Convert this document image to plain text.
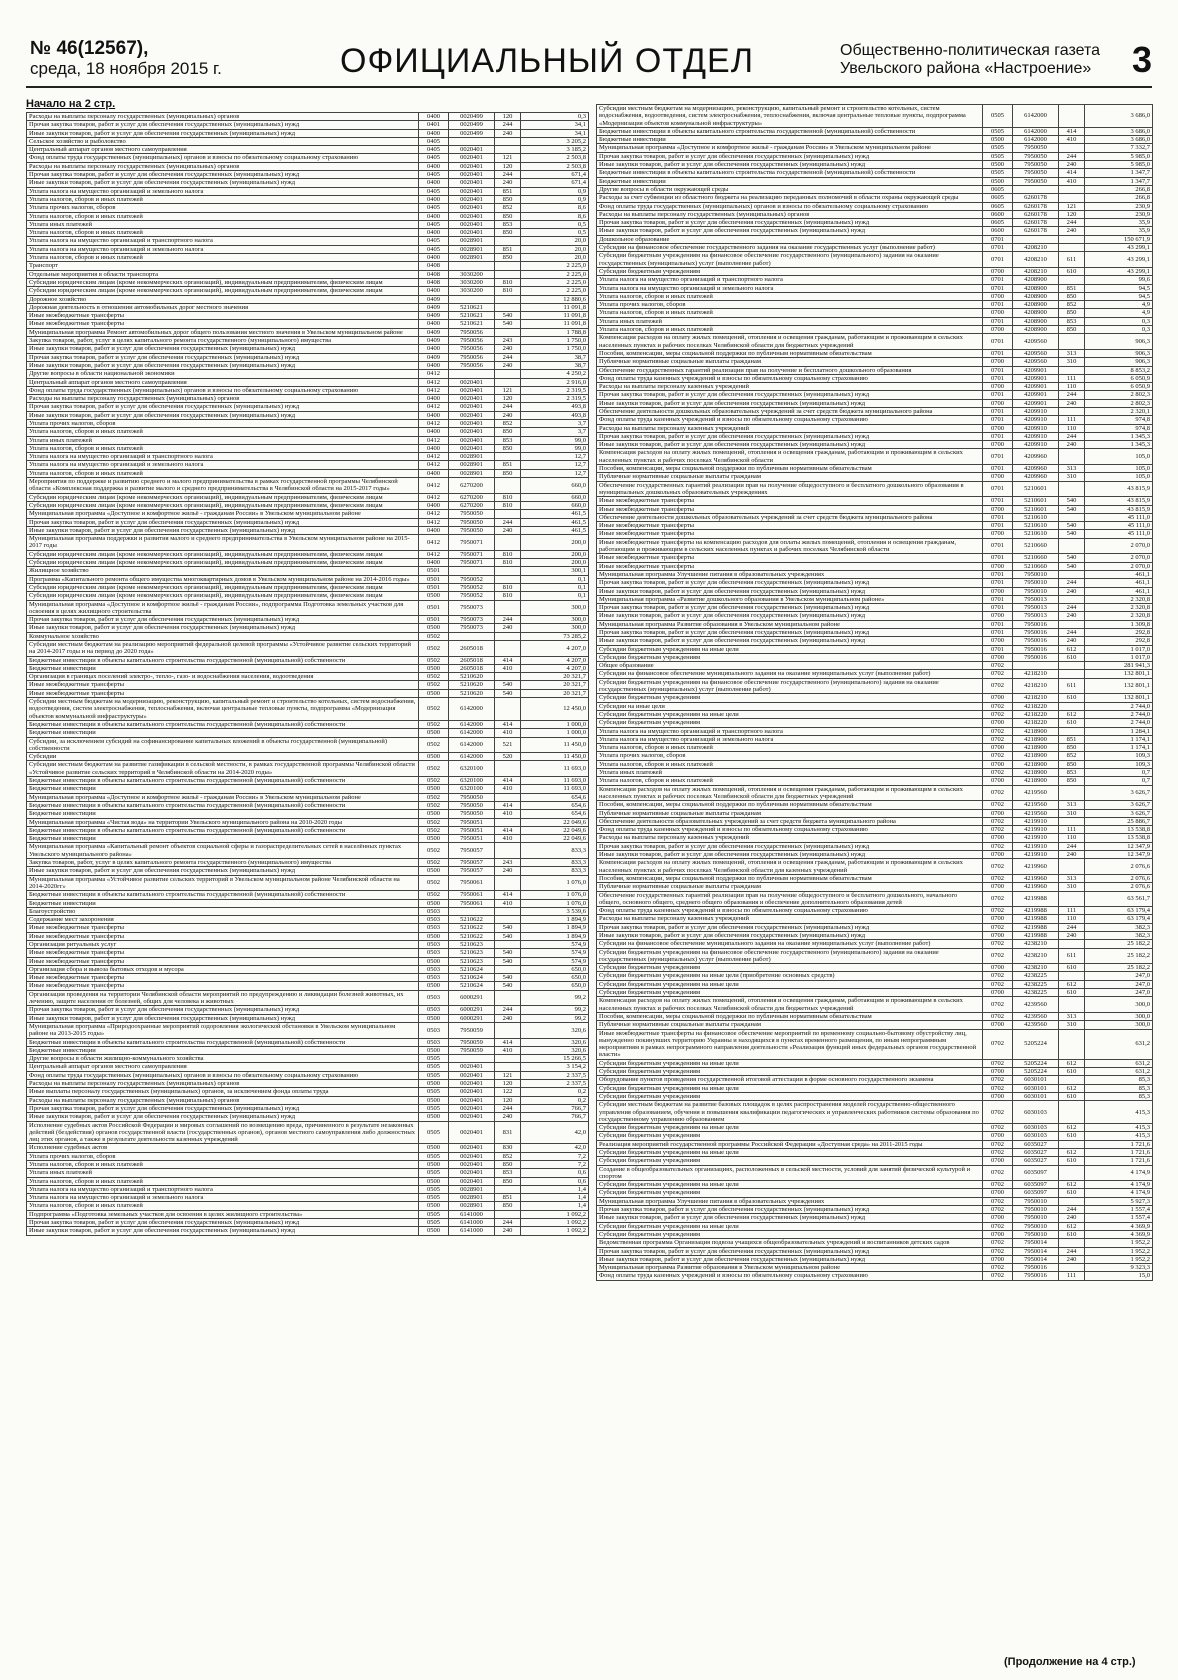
№ 46(12567),
среда, 18 ноября 2015 г.	ОФИЦИАЛЬНЫЙ ОТДЕЛ	Общественно-политическая газета
Увельского района «Настроение» 3
Начало на 2 стр.
Расходы на выплаты персоналу государственных (муниципальных) органов	0400	0020499	120	0,3
Прочая закупка товаров, работ и услуг для обеспечения государственных (муниципальных) нужд	0401	0020499	244	34,1
Иные закупки товаров, работ и услуг для обеспечения государственных (муниципальных) нужд	0400	0020499	240	34,1
Сельское хозяйство и рыболовство	0405			3 205,2
Центральный аппарат органов местного самоуправления	0405	0020401		3 185,2
Фонд оплаты труда государственных (муниципальных) органов и взносы по обязательному социальному страхованию	0405	0020401	121	2 503,8
Расходы на выплаты персоналу государственных (муниципальных) органов	0400	0020401	120	2 503,8
Прочая закупка товаров, работ и услуг для обеспечения государственных (муниципальных) нужд	0405	0020401	244	671,4
Иные закупки товаров, работ и услуг для обеспечения государственных (муниципальных) нужд	0400	0020401	240	671,4
Уплата налога на имущество организаций и земельного налога	0405	0020401	851	0,9
Уплата налогов, сборов и иных платежей	0400	0020401	850	0,9
Уплата прочих налогов, сборов	0405	0020401	852	8,6
Уплата налогов, сборов и иных платежей	0400	0020401	850	8,6
Уплата иных платежей	0405	0020401	853	0,5
Уплата налогов, сборов и иных платежей	0400	0020401	850	0,5
Уплата налога на имущество организаций и транспортного налога	0405	0028901		20,0
Уплата налога на имущество организаций и земельного налога	0405	0028901	851	20,0
Уплата налогов, сборов и иных платежей	0400	0028901	850	20,0
Транспорт	0408			2 225,0
Отдельные мероприятия в области транспорта	0408	3030200		2 225,0
Субсидии юридическим лицам (кроме некоммерческих организаций), индивидуальным предпринимателям, физическим лицам	0408	3030200	810	2 225,0
Субсидии юридическим лицам (кроме некоммерческих организаций), индивидуальным предпринимателям, физическим лицам	0400	3030200	810	2 225,0
Дорожное хозяйство	0409			12 880,6
Дорожная деятельность в отношении автомобильных дорог местного значения	0409	5210621		11 091,8
Иные межбюджетные трансферты	0409	5210621	540	11 091,8
Иные межбюджетные трансферты	0400	5210621	540	11 091,8
Муниципальная программа Ремонт автомобильных дорог общего пользования местного значения в Увельском муниципальном районе	0409	7950056		1 788,8
Закупка товаров, работ, услуг в целях капитального ремонта государственного (муниципального) имущества	0409	7950056	243	1 750,0
Иные закупки товаров, работ и услуг для обеспечения государственных (муниципальных) нужд	0400	7950056	240	1 750,0
Прочая закупка товаров, работ и услуг для обеспечения государственных (муниципальных) нужд	0409	7950056	244	38,7
Иные закупки товаров, работ и услуг для обеспечения государственных (муниципальных) нужд	0400	7950056	240	38,7
Другие вопросы в области национальной экономики	0412			4 250,2
Центральный аппарат органов местного самоуправления	0412	0020401		2 916,0
Фонд оплаты труда государственных (муниципальных) органов и взносы по обязательному социальному страхованию	0412	0020401	121	2 319,5
Расходы на выплаты персоналу государственных (муниципальных) органов	0400	0020401	120	2 319,5
Прочая закупка товаров, работ и услуг для обеспечения государственных (муниципальных) нужд	0412	0020401	244	493,8
Иные закупки товаров, работ и услуг для обеспечения государственных (муниципальных) нужд	0400	0020401	240	493,8
Уплата прочих налогов, сборов	0412	0020401	852	3,7
Уплата налогов, сборов и иных платежей	0400	0020401	850	3,7
Уплата иных платежей	0412	0020401	853	99,0
Уплата налогов, сборов и иных платежей	0400	0020401	850	99,0
Уплата налога на имущество организаций и транспортного налога	0412	0028901		12,7
Уплата налога на имущество организаций и земельного налога	0412	0028901	851	12,7
Уплата налогов, сборов и иных платежей	0400	0028901	850	12,7
Мероприятия по поддержке и развитию среднего и малого предпринимательства в рамках государственной программы Челябинской области «Комплексная поддержка и развитие малого и среднего предпринимательства в Челябинской области на 2015-2017 годы»	0412	6270200		660,0
Субсидии юридическим лицам (кроме некоммерческих организаций), индивидуальным предпринимателям, физическим лицам	0412	6270200	810	660,0
Субсидии юридическим лицам (кроме некоммерческих организаций), индивидуальным предпринимателям, физическим лицам	0400	6270200	810	660,0
Муниципальная программа «Доступное и комфортное жильё - гражданам России» в Увельском муниципальном районе	0412	7950050		461,5
Прочая закупка товаров, работ и услуг для обеспечения государственных (муниципальных) нужд	0412	7950050	244	461,5
Иные закупки товаров, работ и услуг для обеспечения государственных (муниципальных) нужд	0400	7950050	240	461,5
Муниципальная программа поддержки и развития малого и среднего предпринимательства в Увельском муниципальном районе на 2015-2017 годы	0412	7950071		200,0
Субсидии юридическим лицам (кроме некоммерческих организаций), индивидуальным предпринимателям, физическим лицам	0412	7950071	810	200,0
Субсидии юридическим лицам (кроме некоммерческих организаций), индивидуальным предпринимателям, физическим лицам	0400	7950071	810	200,0
Жилищное хозяйство	0501			300,1
Программа «Капитального ремонта общего имущества многоквартирных домов в Увельском муниципальном районе на 2014-2016 годы»	0501	7950052		0,1
Субсидии юридическим лицам (кроме некоммерческих организаций), индивидуальным предпринимателям, физическим лицам	0501	7950052	810	0,1
Субсидии юридическим лицам (кроме некоммерческих организаций), индивидуальным предпринимателям, физическим лицам	0500	7950052	810	0,1
Муниципальная программа «Доступное и комфортное жильё - гражданам России», подпрограмма Подготовка земельных участков для освоения в целях жилищного строительства	0501	7950073		300,0
Прочая закупка товаров, работ и услуг для обеспечения государственных (муниципальных) нужд	0501	7950073	244	300,0
Иные закупки товаров, работ и услуг для обеспечения государственных (муниципальных) нужд	0500	7950073	240	300,0
Коммунальное хозяйство	0502			73 285,2
Субсидии местным бюджетам на реализацию мероприятий федеральной целевой программы «Устойчивое развитие сельских территорий на 2014-2017 годы и на период до 2020 года»	0502	2605018		4 207,0
Бюджетные инвестиции в объекты капитального строительства государственной (муниципальной) собственности	0502	2605018	414	4 207,0
Бюджетные инвестиции	0500	2605018	410	4 207,0
Организация в границах поселений электро-, тепло-, газо- и водоснабжения населения, водоотведения	0502	5210620		20 321,7
Иные межбюджетные трансферты	0502	5210620	540	20 321,7
Иные межбюджетные трансферты	0500	5210620	540	20 321,7
Субсидии местным бюджетам на модернизацию, реконструкцию, капитальный ремонт и строительство котельных, систем водоснабжения, водоотведения, систем электроснабжения, теплоснабжения, включая центральные тепловые пункты, подпрограмма «Модернизация объектов коммунальной инфраструктуры»	0502	6142000		12 450,0
Бюджетные инвестиции в объекты капитального строительства государственной (муниципальной) собственности	0502	6142000	414	1 000,0
Бюджетные инвестиции	0500	6142000	410	1 000,0
Субсидии, за исключением субсидий на софинансирование капитальных вложений в объекты государственной (муниципальной) собственности	0502	6142000	521	11 450,0
Субсидии	0500	6142000	520	11 450,0
Субсидии местным бюджетам на развитие газификации в сельской местности, в рамках государственной программы Челябинской области «Устойчивое развитие сельских территорий в Челябинской области на 2014-2020 годы»	0502	6320100		11 693,0
Бюджетные инвестиции в объекты капитального строительства государственной (муниципальной) собственности	0502	6320100	414	11 693,0
Бюджетные инвестиции	0500	6320100	410	11 693,0
Муниципальная программа «Доступное и комфортное жильё - гражданам России» в Увельском муниципальном районе	0502	7950050		654,6
Бюджетные инвестиции в объекты капитального строительства государственной (муниципальной) собственности	0502	7950050	414	654,6
Бюджетные инвестиции	0500	7950050	410	654,6
Муниципальная программа «Чистая вода» на территории Увельского муниципального района на 2010-2020 годы	0502	7950051		22 049,6
Бюджетные инвестиции в объекты капитального строительства государственной (муниципальной) собственности	0502	7950051	414	22 049,6
Бюджетные инвестиции	0500	7950051	410	22 049,6
Муниципальная программа «Капитальный ремонт объектов социальной сферы и газораспределительных сетей в населённых пунктах Увельского муниципального района»	0502	7950057		833,3
Закупка товаров, работ, услуг в целях капитального ремонта государственного (муниципального) имущества	0502	7950057	243	833,3
Иные закупки товаров, работ и услуг для обеспечения государственных (муниципальных) нужд	0500	7950057	240	833,3
Муниципальная программа «Устойчивое развитие сельских территорий в Увельском муниципальном районе Челябинской области на 2014-2020гг»	0502	7950061		1 076,0
Бюджетные инвестиции в объекты капитального строительства государственной (муниципальной) собственности	0502	7950061	414	1 076,0
Бюджетные инвестиции	0500	7950061	410	1 076,0
Благоустройство	0503			3 539,6
Содержание мест захоронения	0503	5210622		1 894,9
Иные межбюджетные трансферты	0503	5210622	540	1 894,9
Иные межбюджетные трансферты	0500	5210622	540	1 894,9
Организация ритуальных услуг	0503	5210623		574,9
Иные межбюджетные трансферты	0503	5210623	540	574,9
Иные межбюджетные трансферты	0500	5210623	540	574,9
Организация сбора и вывоза бытовых отходов и мусора	0503	5210624		650,0
Иные межбюджетные трансферты	0503	5210624	540	650,0
Иные межбюджетные трансферты	0500	5210624	540	650,0
Организация проведения на территории Челябинской области мероприятий по предупреждению и ликвидации болезней животных, их лечению, защите населения от болезней, общих для человека и животных	0503	6000291		99,2
Прочая закупка товаров, работ и услуг для обеспечения государственных (муниципальных) нужд	0503	6000291	244	99,2
Иные закупки товаров, работ и услуг для обеспечения государственных (муниципальных) нужд	0500	6000291	240	99,2
Муниципальная программа «Природоохранные мероприятий оздоровления экологической обстановки в Увельском муниципальном районе на 2013-2015 годы»	0503	7950059		320,6
Бюджетные инвестиции в объекты капитального строительства государственной (муниципальной) собственности	0503	7950059	414	320,6
Бюджетные инвестиции	0500	7950059	410	320,6
Другие вопросы в области жилищно-коммунального хозяйства	0505			15 266,5
Центральный аппарат органов местного самоуправления	0505	0020401		3 154,2
Фонд оплаты труда государственных (муниципальных) органов и взносы по обязательному социальному страхованию	0505	0020401	121	2 337,5
Расходы на выплаты персоналу государственных (муниципальных) органов	0500	0020401	120	2 337,5
Иные выплаты персоналу государственных (муниципальных) органов, за исключением фонда оплаты труда	0505	0020401	122	0,2
Расходы на выплаты персоналу государственных (муниципальных) органов	0500	0020401	120	0,2
Прочая закупка товаров, работ и услуг для обеспечения государственных (муниципальных) нужд	0505	0020401	244	766,7
Иные закупки товаров, работ и услуг для обеспечения государственных (муниципальных) нужд	0500	0020401	240	766,7
Исполнение судебных актов Российской Федерации и мировых соглашений по возмещению вреда, причиненного в результате незаконных действий (бездействия) органов государственной власти (государственных органов), органов местного самоуправления либо должностных лиц этих органов, а также в результате деятельности казенных учреждений	0505	0020401	831	42,0
Исполнение судебных актов	0500	0020401	830	42,0
Уплата прочих налогов, сборов	0505	0020401	852	7,2
Уплата налогов, сборов и иных платежей	0500	0020401	850	7,2
Уплата иных платежей	0505	0020401	853	0,6
Уплата налогов, сборов и иных платежей	0500	0020401	850	0,6
Уплата налога на имущество организаций и транспортного налога	0505	0028901		1,4
Уплата налога на имущество организаций и земельного налога	0505	0028901	851	1,4
Уплата налогов, сборов и иных платежей	0500	0028901	850	1,4
Подпрограмма «Подготовка земельных участков для освоения в целях жилищного строительства»	0505	6141000		1 092,2
Прочая закупка товаров, работ и услуг для обеспечения государственных (муниципальных) нужд	0505	6141000	244	1 092,2
Иные закупки товаров, работ и услуг для обеспечения государственных (муниципальных) нужд	0500	6141000	240	1 092,2
Субсидии местным бюджетам на модернизацию, реконструкцию, капитальный ремонт и строительство котельных, систем водоснабжения, водоотведения, систем электроснабжения, теплоснабжения, включая центральные тепловые пункты, подпрограмма «Модернизация объектов коммунальной инфраструктуры»	0505	6142000		3 686,0
Бюджетные инвестиции в объекты капитального строительства государственной (муниципальной) собственности	0505	6142000	414	3 686,0
Бюджетные инвестиции	0500	6142000	410	3 686,0
Муниципальная программа «Доступное и комфортное жильё - гражданам России» в Увельском муниципальном районе	0505	7950050		7 332,7
Прочая закупка товаров, работ и услуг для обеспечения государственных (муниципальных) нужд	0505	7950050	244	5 985,0
Иные закупки товаров, работ и услуг для обеспечения государственных (муниципальных) нужд	0500	7950050	240	5 985,0
Бюджетные инвестиции в объекты капитального строительства государственной (муниципальной) собственности	0505	7950050	414	1 347,7
Бюджетные инвестиции	0500	7950050	410	1 347,7
Другие вопросы в области окружающей среды	0605			266,8
Расходы за счет субвенции из областного бюджета на реализацию переданных полномочий в области охраны окружающей среды	0605	6260178		266,8
Фонд оплаты труда государственных (муниципальных) органов и взносы по обязательному социальному страхованию	0605	6260178	121	230,9
Расходы на выплаты персоналу государственных (муниципальных) органов	0600	6260178	120	230,9
Прочая закупка товаров, работ и услуг для обеспечения государственных (муниципальных) нужд	0605	6260178	244	35,9
Иные закупки товаров, работ и услуг для обеспечения государственных (муниципальных) нужд	0600	6260178	240	35,9
Дошкольное образование	0701			150 671,9
Субсидии на финансовое обеспечение государственного задания на оказание государственных услуг (выполнение работ)	0701	4208210		43 299,1
Субсидии бюджетным учреждениям на финансовое обеспечение государственного (муниципального) задания на оказание государственных (муниципальных) услуг (выполнение работ)	0701	4208210	611	43 299,1
Субсидии бюджетным учреждениям	0700	4208210	610	43 299,1
Уплата налога на имущество организаций и транспортного налога	0701	4208900		99,6
Уплата налога на имущество организаций и земельного налога	0701	4208900	851	94,5
Уплата налогов, сборов и иных платежей	0700	4208900	850	94,5
Уплата прочих налогов, сборов	0701	4208900	852	4,9
Уплата налогов, сборов и иных платежей	0700	4208900	850	4,9
Уплата иных платежей	0701	4208900	853	0,3
Уплата налогов, сборов и иных платежей	0700	4208900	850	0,3
Компенсация расходов на оплату жилых помещений, отопления и освещения гражданам, работающим и проживающим в сельских населенных пунктах и рабочих поселках Челябинской области для бюджетных учреждений	0701	4209560		906,3
Пособия, компенсации, меры социальной поддержки по публичным нормативным обязательствам	0701	4209560	313	906,3
Публичные нормативные социальные выплаты гражданам	0700	4209560	310	906,3
Обеспечение государственных гарантий реализации прав на получение и бесплатного дошкольного образования	0701	4209901		8 853,2
Фонд оплаты труда казенных учреждений и взносы по обязательному социальному страхованию	0701	4209901	111	6 050,9
Расходы на выплаты персоналу казенных учреждений	0700	4209901	110	6 050,9
Прочая закупка товаров, работ и услуг для обеспечения государственных (муниципальных) нужд	0701	4209901	244	2 802,3
Иные закупки товаров, работ и услуг для обеспечения государственных (муниципальных) нужд	0700	4209901	240	2 802,3
Обеспечение деятельности дошкольных образовательных учреждений за счет средств бюджета муниципального района	0701	4209910		2 320,1
Фонд оплаты труда казенных учреждений и взносы по обязательному социальному страхованию	0701	4209910	111	974,8
Расходы на выплаты персоналу казенных учреждений	0700	4209910	110	974,8
Прочая закупка товаров, работ и услуг для обеспечения государственных (муниципальных) нужд	0701	4209910	244	1 345,3
Иные закупки товаров, работ и услуг для обеспечения государственных (муниципальных) нужд	0700	4209910	240	1 345,3
Компенсация расходов на оплату жилых помещений, отопления и освещения гражданам, работающим и проживающим в сельских населенных пунктах и рабочих поселках Челябинской области	0701	4209960		105,0
Пособия, компенсации, меры социальной поддержки по публичным нормативным обязательствам	0701	4209960	313	105,0
Публичные нормативные социальные выплаты гражданам	0700	4209960	310	105,0
Обеспечение государственных гарантий реализации прав на получение общедоступного и бесплатного дошкольного образования в муниципальных дошкольных образовательных учреждениях	0701	5210601		43 815,9
Иные межбюджетные трансферты	0701	5210601	540	43 815,9
Иные межбюджетные трансферты	0700	5210601	540	43 815,9
Обеспечение деятельности дошкольных образовательных учреждений за счет средств бюджета муниципального района	0701	5210610		45 111,0
Иные межбюджетные трансферты	0701	5210610	540	45 111,0
Иные межбюджетные трансферты	0700	5210610	540	45 111,0
Иные межбюджетные трансферты на компенсацию расходов для оплаты жилых помещений, отопления и освещения гражданам, работающим и проживающим в сельских населенных пунктах и рабочих поселках Челябинской области	0701	5210660		2 070,0
Иные межбюджетные трансферты	0701	5210660	540	2 070,0
Иные межбюджетные трансферты	0700	5210660	540	2 070,0
Муниципальная программа Улучшение питания в образовательных учреждениях	0701	7950010		461,1
Прочая закупка товаров, работ и услуг для обеспечения государственных (муниципальных) нужд	0701	7950010	244	461,1
Иные закупки товаров, работ и услуг для обеспечения государственных (муниципальных) нужд	0700	7950010	240	461,1
Муниципальная программа «Развитие дошкольного образования в Увельском муниципальном районе»	0701	7950013		2 320,8
Прочая закупка товаров, работ и услуг для обеспечения государственных (муниципальных) нужд	0701	7950013	244	2 320,8
Иные закупки товаров, работ и услуг для обеспечения государственных (муниципальных) нужд	0700	7950013	240	2 320,8
Муниципальная программа Развитие образования в Увельском муниципальном районе	0701	7950016		1 309,8
Прочая закупка товаров, работ и услуг для обеспечения государственных (муниципальных) нужд	0701	7950016	244	292,8
Иные закупки товаров, работ и услуг для обеспечения государственных (муниципальных) нужд	0700	7950016	240	292,8
Субсидии бюджетным учреждениям на иные цели	0701	7950016	612	1 017,0
Субсидии бюджетным учреждениям	0700	7950016	610	1 017,0
Общее образование	0702			281 941,3
Субсидии на финансовое обеспечение муниципального задания на оказание муниципальных услуг (выполнение работ)	0702	4218210		132 801,1
Субсидии бюджетным учреждениям на финансовое обеспечение государственного (муниципального) задания на оказание государственных (муниципальных) услуг (выполнение работ)	0702	4218210	611	132 801,1
Субсидии бюджетным учреждениям	0700	4218210	610	132 801,1
Субсидии на иные цели	0702	4218220		2 744,0
Субсидии бюджетным учреждениям на иные цели	0702	4218220	612	2 744,0
Субсидии бюджетным учреждениям	0700	4218220	610	2 744,0
Уплата налога на имущество организаций и транспортного налога	0702	4218900		1 284,1
Уплата налога на имущество организаций и земельного налога	0702	4218900	851	1 174,1
Уплата налогов, сборов и иных платежей	0700	4218900	850	1 174,1
Уплата прочих налогов, сборов	0702	4218900	852	109,3
Уплата налогов, сборов и иных платежей	0700	4218900	850	109,3
Уплата иных платежей	0702	4218900	853	0,7
Уплата налогов, сборов и иных платежей	0700	4218900	850	0,7
Компенсация расходов на оплату жилых помещений, отопления и освещения гражданам, работающим и проживающим в сельских населенных пунктах и рабочих поселках Челябинской области для бюджетных учреждений	0702	4219560		3 626,7
Пособия, компенсации, меры социальной поддержки по публичным нормативным обязательствам	0702	4219560	313	3 626,7
Публичные нормативные социальные выплаты гражданам	0700	4219560	310	3 626,7
Обеспечение деятельности образовательных учреждений за счет средств бюджета муниципального района	0702	4219910		25 886,7
Фонд оплаты труда казенных учреждений и взносы по обязательному социальному страхованию	0702	4219910	111	13 538,8
Расходы на выплаты персоналу казенных учреждений	0700	4219910	110	13 538,8
Прочая закупка товаров, работ и услуг для обеспечения государственных (муниципальных) нужд	0702	4219910	244	12 347,9
Иные закупки товаров, работ и услуг для обеспечения государственных (муниципальных) нужд	0700	4219910	240	12 347,9
Компенсация расходов на оплату жилых помещений, отопления и освещения гражданам, работающим и проживающим в сельских населенных пунктах и рабочих поселках Челябинской области для казенных учреждений	0702	4219960		2 076,6
Пособия, компенсации, меры социальной поддержки по публичным нормативным обязательствам	0702	4219960	313	2 076,6
Публичные нормативные социальные выплаты гражданам	0700	4219960	310	2 076,6
Обеспечение государственных гарантий реализации прав на получение общедоступного и бесплатного дошкольного, начального общего, основного общего, среднего общего образования и обеспечение дополнительного образования детей	0702	4219988		63 561,7
Фонд оплаты труда казенных учреждений и взносы по обязательному социальному страхованию	0702	4219988	111	63 179,4
Расходы на выплаты персоналу казенных учреждений	0700	4219988	110	63 179,4
Прочая закупка товаров, работ и услуг для обеспечения государственных (муниципальных) нужд	0702	4219988	244	382,3
Иные закупки товаров, работ и услуг для обеспечения государственных (муниципальных) нужд	0700	4219988	240	382,3
Субсидии на финансовое обеспечение муниципального задания на оказание муниципальных услуг (выполнение работ)	0702	4238210		25 182,2
Субсидии бюджетным учреждениям на финансовое обеспечение государственного (муниципального) задания на оказание государственных (муниципальных) услуг (выполнение работ)	0702	4238210	611	25 182,2
Субсидии бюджетным учреждениям	0700	4238210	610	25 182,2
Субсидии бюджетным учреждениям на иные цели (приобретение основных средств)	0702	4238225		247,0
Субсидии бюджетным учреждениям на иные цели	0702	4238225	612	247,0
Субсидии бюджетным учреждениям	0700	4238225	610	247,0
Компенсация расходов на оплату жилых помещений, отопления и освещения гражданам, работающим и проживающим в сельских населенных пунктах и рабочих поселках Челябинской области для бюджетных учреждений	0702	4239560		300,0
Пособия, компенсации, меры социальной поддержки по публичным нормативным обязательствам	0702	4239560	313	300,0
Публичные нормативные социальные выплаты гражданам	0700	4239560	310	300,0
Иные межбюджетные трансферты на финансовое обеспечение мероприятий по временному социально-бытовому обустройству лиц, вынужденно покинувших территорию Украины и находящихся в пунктах временного размещения, по иным непрограммным мероприятиям в рамках непрограммного направления деятельности «Реализация функций иных федеральных органов государственной власти»	0702	5205224		631,2
Субсидии бюджетным учреждениям на иные цели	0702	5205224	612	631,2
Субсидии бюджетным учреждениям	0700	5205224	610	631,2
Оборудование пунктов проведения государственной итоговой аттестации в форме основного государственного экзамена	0702	6030101		85,3
Субсидии бюджетным учреждениям на иные цели	0702	6030101	612	85,3
Субсидии бюджетным учреждениям	0700	6030101	610	85,3
Субсидии местным бюджетам на развитие базовых площадок в целях распространения моделей государственно-общественного управления образованием, обучения и повышения квалификации педагогических и управленческих работников системы образования по государственному управлению образованием	0702	6030103		415,3
Субсидии бюджетным учреждениям на иные цели	0702	6030103	612	415,3
Субсидии бюджетным учреждениям	0700	6030103	610	415,3
Реализация мероприятий государственной программы Российской Федерации «Доступная среда» на 2011-2015 годы	0702	6035027		1 721,6
Субсидии бюджетным учреждениям на иные цели	0702	6035027	612	1 721,6
Субсидии бюджетным учреждениям	0700	6035027	610	1 721,6
Создание в общеобразовательных организациях, расположенных в сельской местности, условий для занятий физической культурой и спортом	0702	6035097		4 174,9
Субсидии бюджетным учреждениям на иные цели	0702	6035097	612	4 174,9
Субсидии бюджетным учреждениям	0700	6035097	610	4 174,9
Муниципальная программа Улучшение питания в образовательных учреждениях	0702	7950010		5 927,3
Прочая закупка товаров, работ и услуг для обеспечения государственных (муниципальных) нужд	0702	7950010	244	1 557,4
Иные закупки товаров, работ и услуг для обеспечения государственных (муниципальных) нужд	0700	7950010	240	1 557,4
Субсидии бюджетным учреждениям на иные цели	0702	7950010	612	4 369,9
Субсидии бюджетным учреждениям	0700	7950010	610	4 369,9
Ведомственная программа Организация подвоза учащихся общеобразовательных учреждений и воспитанников детских садов	0702	7950014		1 952,2
Прочая закупка товаров, работ и услуг для обеспечения государственных (муниципальных) нужд	0702	7950014	244	1 952,2
Иные закупки товаров, работ и услуг для обеспечения государственных (муниципальных) нужд	0700	7950014	240	1 952,2
Муниципальная программа Развитие образования в Увельском муниципальном районе	0702	7950016		9 323,3
Фонд оплаты труда казенных учреждений и взносы по обязательному социальному страхованию	0702	7950016	111	15,0
(Продолжение на 4 стр.)
